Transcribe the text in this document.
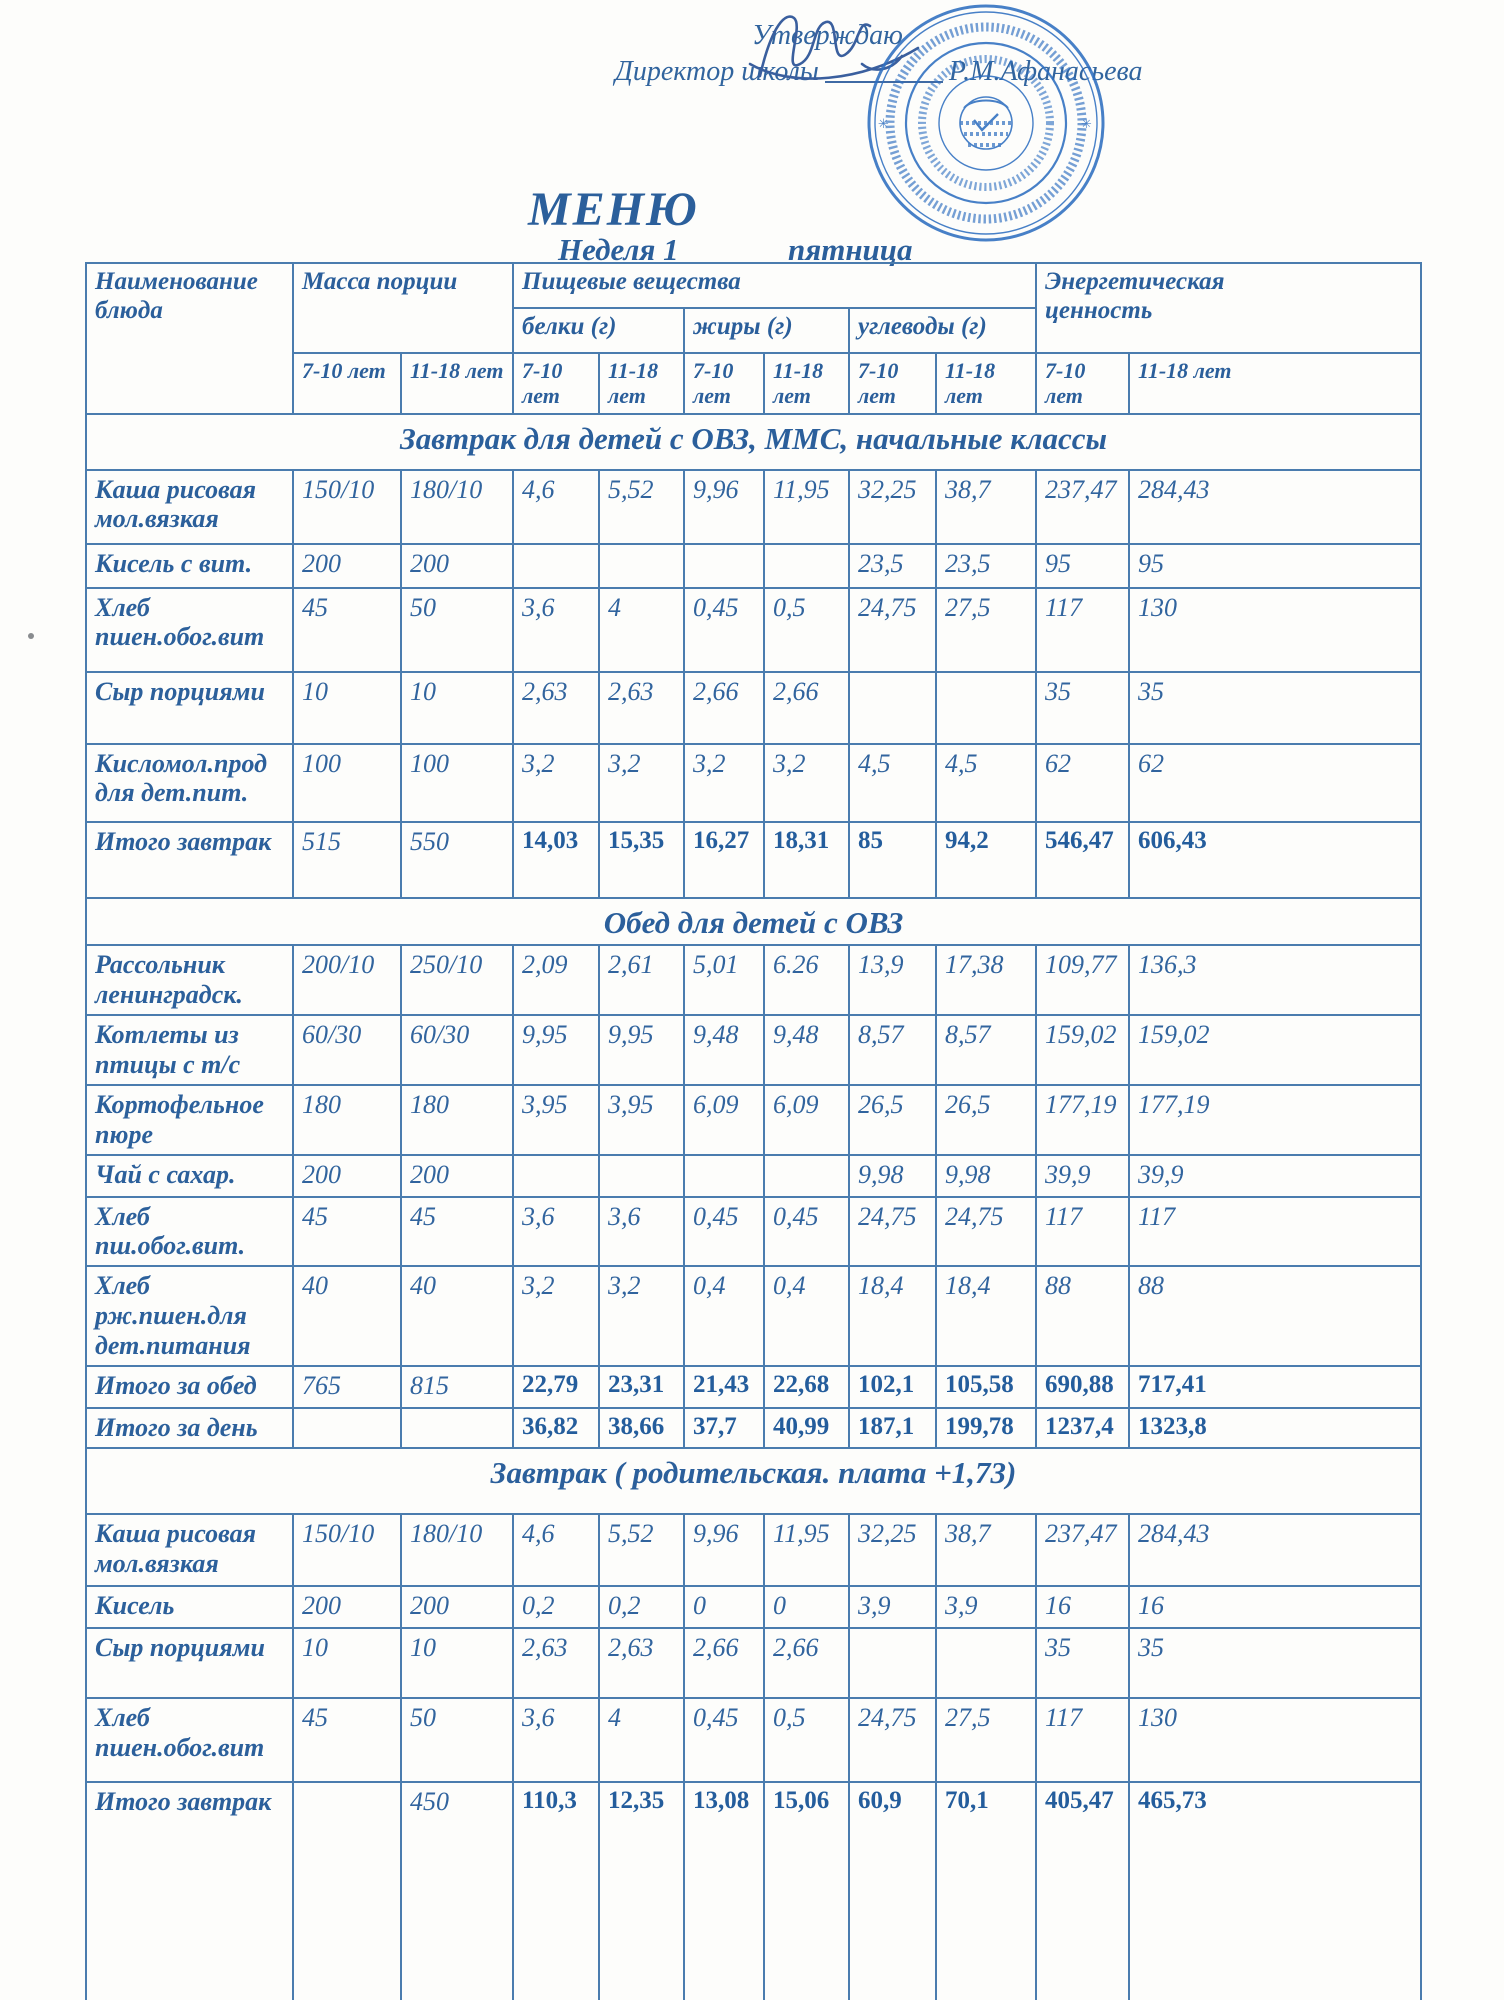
Утверждаю
Директор школы	Р.М.Афанасьева
✳	✳
МЕНЮ
Неделя 1	пятница
Наименование блюда	Масса порции		Пищевые вещества						Энергетическая ценность	
			белки (г)		жиры (г)		углеводы (г)			
	7-10 лет	11-18 лет	7-10 лет	11-18 лет	7-10 лет	11-18 лет	7-10 лет	11-18 лет	7-10 лет	11-18 лет
Завтрак для детей с ОВЗ, ММС, начальные классы										
Каша рисовая мол.вязкая	150/10	180/10	4,6	5,52	9,96	11,95	32,25	38,7	237,47	284,43
Кисель с вит.	200	200					23,5	23,5	95	95
Хлеб пшен.обог.вит	45	50	3,6	4	0,45	0,5	24,75	27,5	117	130
Сыр порциями	10	10	2,63	2,63	2,66	2,66			35	35
Кисломол.прод для дет.пит.	100	100	3,2	3,2	3,2	3,2	4,5	4,5	62	62
Итого завтрак	515	550	14,03	15,35	16,27	18,31	85	94,2	546,47	606,43
Обед для детей с ОВЗ										
Рассольник ленинградск.	200/10	250/10	2,09	2,61	5,01	6.26	13,9	17,38	109,77	136,3
Котлеты из птицы с т/с	60/30	60/30	9,95	9,95	9,48	9,48	8,57	8,57	159,02	159,02
Кортофельное пюре	180	180	3,95	3,95	6,09	6,09	26,5	26,5	177,19	177,19
Чай с сахар.	200	200					9,98	9,98	39,9	39,9
Хлеб пш.обог.вит.	45	45	3,6	3,6	0,45	0,45	24,75	24,75	117	117
Хлеб рж.пшен.для дет.питания	40	40	3,2	3,2	0,4	0,4	18,4	18,4	88	88
Итого за обед	765	815	22,79	23,31	21,43	22,68	102,1	105,58	690,88	717,41
Итого за день			36,82	38,66	37,7	40,99	187,1	199,78	1237,4	1323,8
Завтрак ( родительская. плата +1,73)										
Каша рисовая мол.вязкая	150/10	180/10	4,6	5,52	9,96	11,95	32,25	38,7	237,47	284,43
Кисель	200	200	0,2	0,2	0	0	3,9	3,9	16	16
Сыр порциями	10	10	2,63	2,63	2,66	2,66			35	35
Хлеб пшен.обог.вит	45	50	3,6	4	0,45	0,5	24,75	27,5	117	130
Итого завтрак		450	110,3	12,35	13,08	15,06	60,9	70,1	405,47	465,73
